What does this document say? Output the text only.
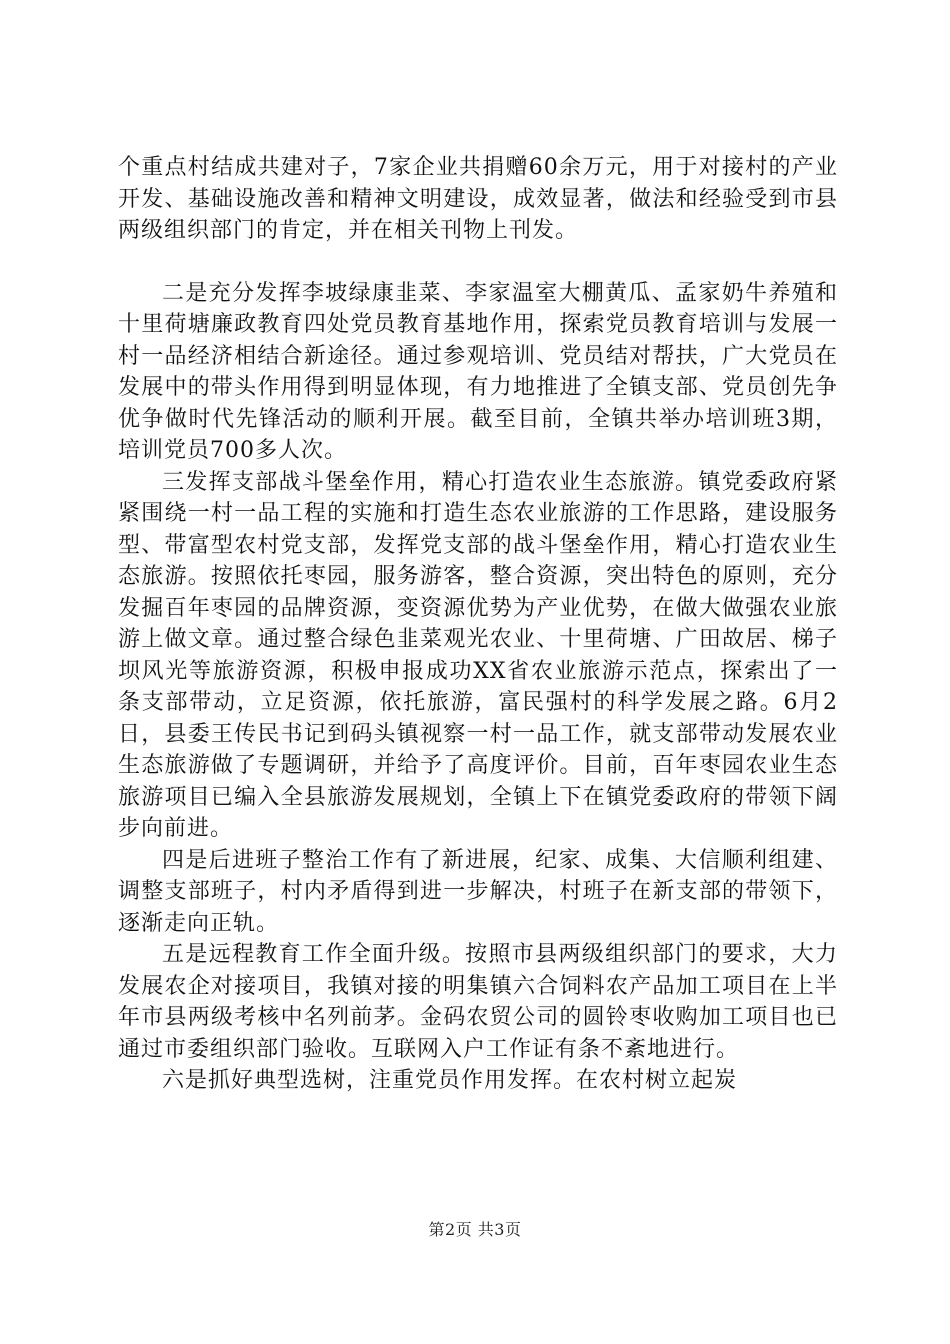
个重点村结成共建对子，7家企业共捐赠60余万元，用于对接村的产业开发、基础设施改善和精神文明建设，成效显著，做法和经验受到市县两级组织部门的肯定，并在相关刊物上刊发。

二是充分发挥李坡绿康韭菜、李家温室大棚黄瓜、孟家奶牛养殖和十里荷塘廉政教育四处党员教育基地作用，探索党员教育培训与发展一村一品经济相结合新途径。通过参观培训、党员结对帮扶，广大党员在发展中的带头作用得到明显体现，有力地推进了全镇支部、党员创先争优争做时代先锋活动的顺利开展。截至目前，全镇共举办培训班3期，培训党员700多人次。

三发挥支部战斗堡垒作用，精心打造农业生态旅游。镇党委政府紧紧围绕一村一品工程的实施和打造生态农业旅游的工作思路，建设服务型、带富型农村党支部，发挥党支部的战斗堡垒作用，精心打造农业生态旅游。按照依托枣园，服务游客，整合资源，突出特色的原则，充分发掘百年枣园的品牌资源，变资源优势为产业优势，在做大做强农业旅游上做文章。通过整合绿色韭菜观光农业、十里荷塘、广田故居、梯子坝风光等旅游资源，积极申报成功XX省农业旅游示范点，探索出了一条支部带动，立足资源，依托旅游，富民强村的科学发展之路。6月2日，县委王传民书记到码头镇视察一村一品工作，就支部带动发展农业生态旅游做了专题调研，并给予了高度评价。目前，百年枣园农业生态旅游项目已编入全县旅游发展规划，全镇上下在镇党委政府的带领下阔步向前进。

四是后进班子整治工作有了新进展，纪家、成集、大信顺利组建、调整支部班子，村内矛盾得到进一步解决，村班子在新支部的带领下，逐渐走向正轨。

五是远程教育工作全面升级。按照市县两级组织部门的要求，大力发展农企对接项目，我镇对接的明集镇六合饲料农产品加工项目在上半年市县两级考核中名列前茅。金码农贸公司的圆铃枣收购加工项目也已通过市委组织部门验收。互联网入户工作证有条不紊地进行。

六是抓好典型选树，注重党员作用发挥。在农村树立起炭

第2页 共3页
